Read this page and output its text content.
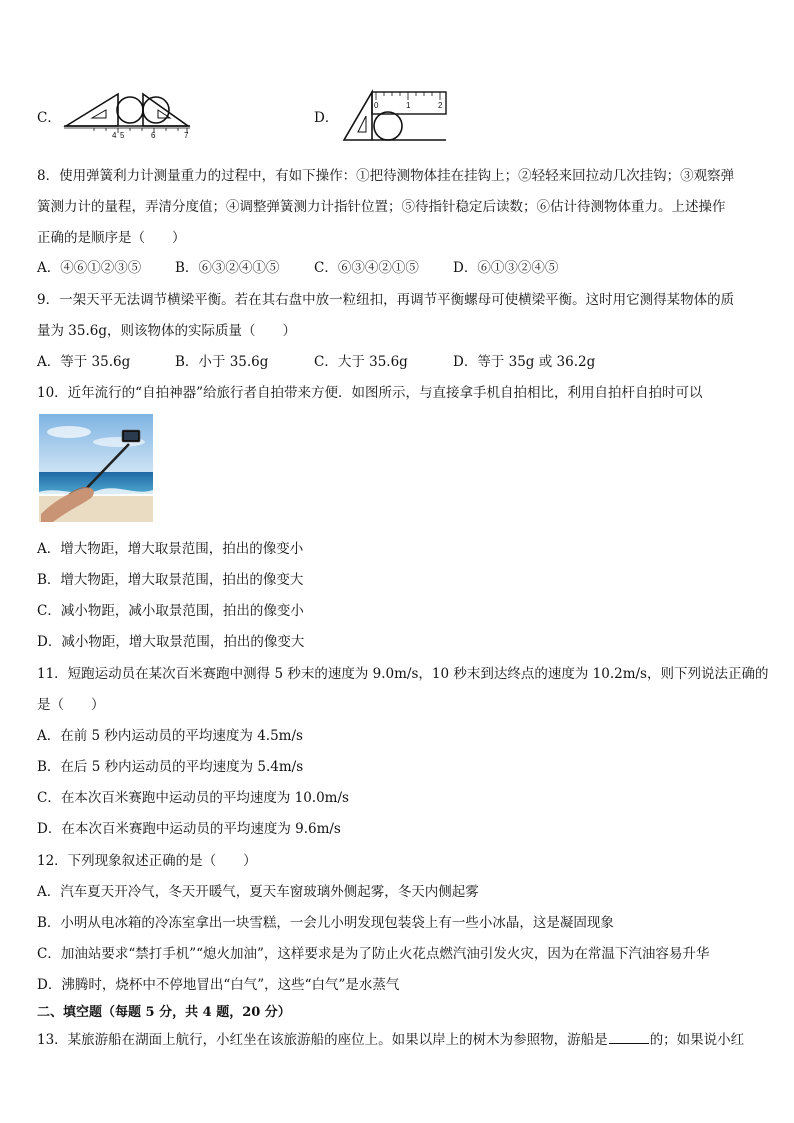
C．
4 5	6	7
D．
0	1	2
8．使用弹簧利力计测量重力的过程中，有如下操作：①把待测物体挂在挂钩上；②轻轻来回拉动几次挂钩；③观察弹
簧测力计的量程，弄清分度值；④调整弹簧测力计指针位置；⑤待指针稳定后读数；⑥估计待测物体重力。上述操作
正确的是顺序是（　　）
A．④⑥①②③⑤	B．⑥③②④①⑤	C．⑥③④②①⑤	D．⑥①③②④⑤
9．一架天平无法调节横梁平衡。若在其右盘中放一粒纽扣，再调节平衡螺母可使横梁平衡。这时用它测得某物体的质
量为 35.6g，则该物体的实际质量（　　）
A．等于 35.6g	B．小于 35.6g	C．大于 35.6g	D．等于 35g 或 36.2g
10．近年流行的“自拍神器”给旅行者自拍带来方便．如图所示，与直接拿手机自拍相比，利用自拍杆自拍时可以
A．增大物距，增大取景范围，拍出的像变小
B．增大物距，增大取景范围，拍出的像变大
C．减小物距，减小取景范围，拍出的像变小
D．减小物距，增大取景范围，拍出的像变大
11．短跑运动员在某次百米赛跑中测得 5 秒末的速度为 9.0m/s，10 秒末到达终点的速度为 10.2m/s，则下列说法正确的
是（　　）
A．在前 5 秒内运动员的平均速度为 4.5m/s
B．在后 5 秒内运动员的平均速度为 5.4m/s
C．在本次百米赛跑中运动员的平均速度为 10.0m/s
D．在本次百米赛跑中运动员的平均速度为 9.6m/s
12．下列现象叙述正确的是（　　）
A．汽车夏天开冷气，冬天开暖气，夏天车窗玻璃外侧起雾，冬天内侧起雾
B．小明从电冰箱的冷冻室拿出一块雪糕，一会儿小明发现包装袋上有一些小冰晶，这是凝固现象
C．加油站要求“禁打手机”“熄火加油”，这样要求是为了防止火花点燃汽油引发火灾，因为在常温下汽油容易升华
D．沸腾时，烧杯中不停地冒出“白气”，这些“白气”是水蒸气
二、填空题（每题 5 分，共 4 题，20 分）
13．某旅游船在湖面上航行，小红坐在该旅游船的座位上。如果以岸上的树木为参照物，游船是	的；如果说小红
